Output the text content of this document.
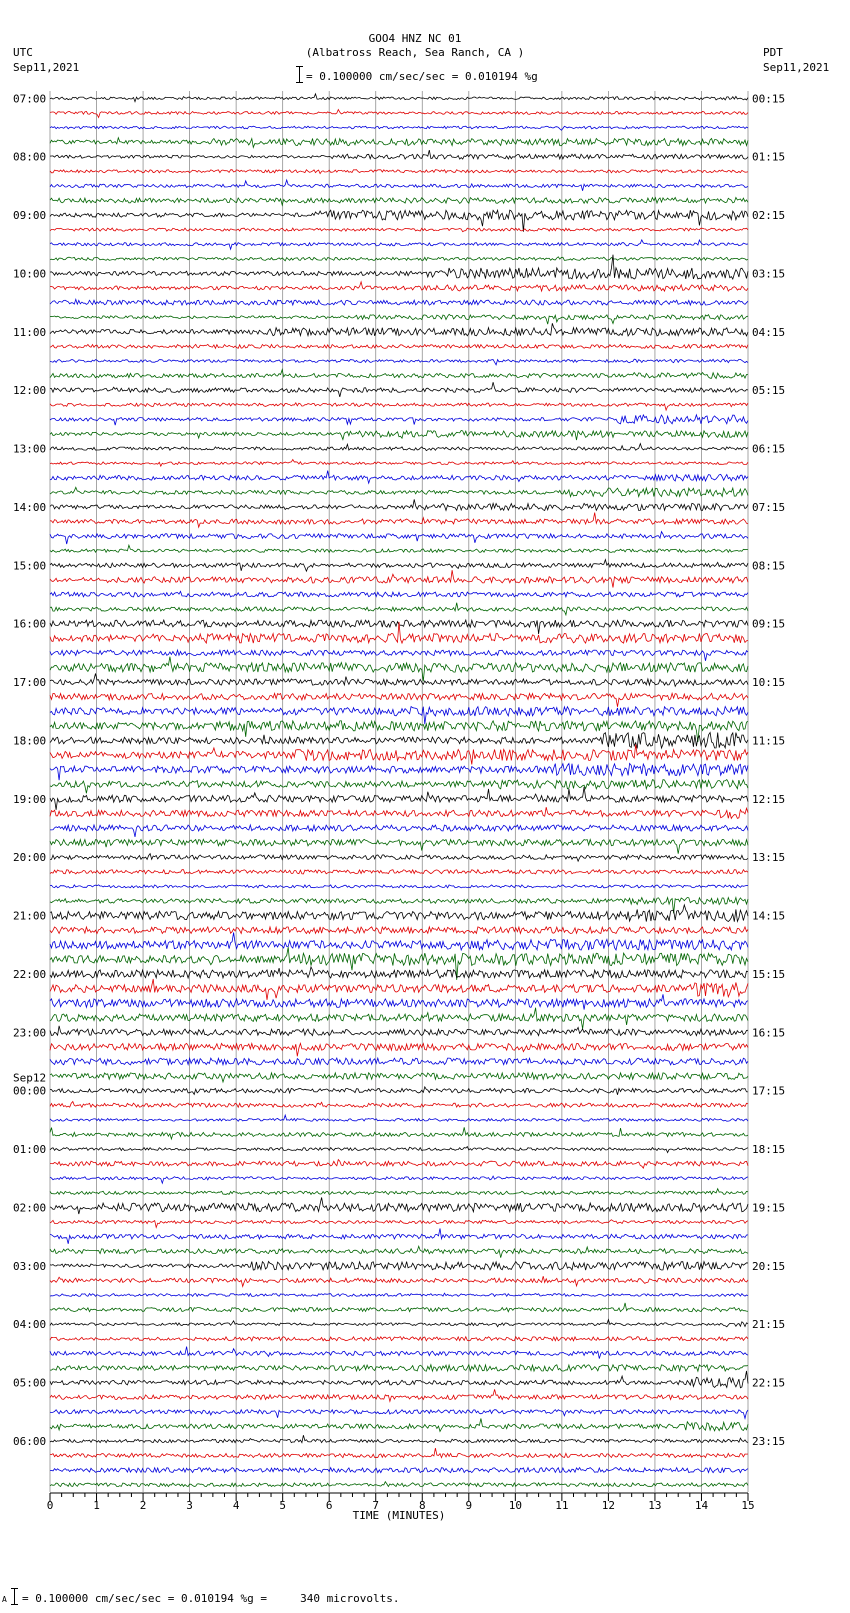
GOO4 HNZ NC 01
(Albatross Reach, Sea Ranch, CA )
UTC
Sep11,2021
PDT
Sep11,2021
= 0.100000 cm/sec/sec = 0.010194 %g
0	1	2	3	4	5	6	7	8	9	10	11	12	13	14	15
TIME (MINUTES)
07:00
08:00
09:00
10:00
11:00
12:00
13:00
14:00
15:00
16:00
17:00
18:00
19:00
20:00
21:00
22:00
23:00
00:00
Sep12
01:00
02:00
03:00
04:00
05:00
06:00
00:15
01:15
02:15
03:15
04:15
05:15
06:15
07:15
08:15
09:15
10:15
11:15
12:15
13:15
14:15
15:15
16:15
17:15
18:15
19:15
20:15
21:15
22:15
23:15
A = 0.100000 cm/sec/sec = 0.010194 %g =     340 microvolts.
